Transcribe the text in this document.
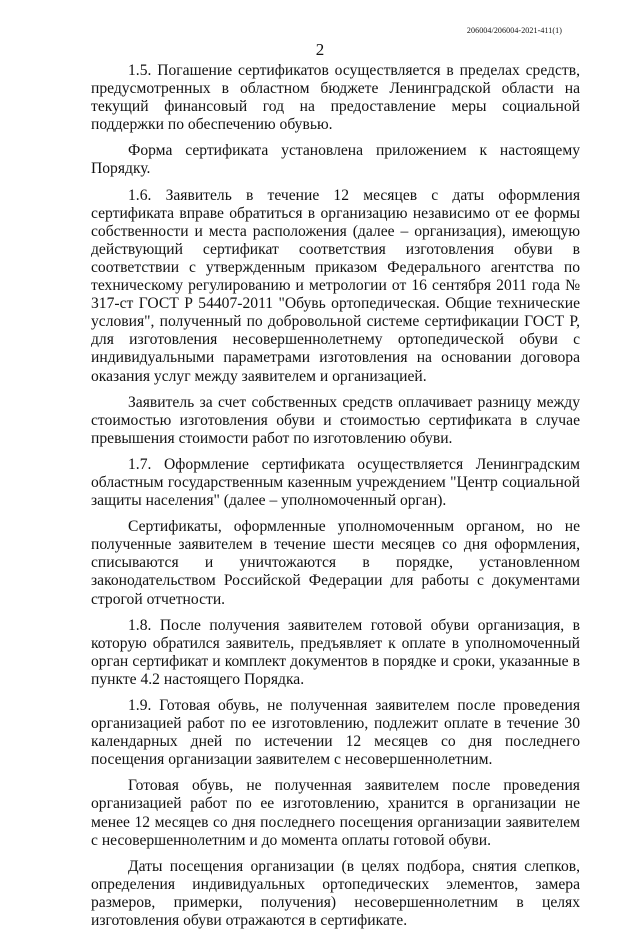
206004/206004-2021-411(1)
2

1.5. Погашение сертификатов осуществляется в пределах средств, предусмотренных в областном бюджете Ленинградской области на текущий финансовый год на предоставление меры социальной поддержки по обеспечению обувью.

Форма сертификата установлена приложением к настоящему Порядку.

1.6. Заявитель в течение 12 месяцев с даты оформления сертификата вправе обратиться в организацию независимо от ее формы собственности и места расположения (далее – организация), имеющую действующий сертификат соответствия изготовления обуви в соответствии с утвержденным приказом Федерального агентства по техническому регулированию и метрологии от 16 сентября 2011 года № 317-ст ГОСТ Р 54407-2011 "Обувь ортопедическая. Общие технические условия", полученный по добровольной системе сертификации ГОСТ Р, для изготовления несовершеннолетнему ортопедической обуви с индивидуальными параметрами изготовления на основании договора оказания услуг между заявителем и организацией.

Заявитель за счет собственных средств оплачивает разницу между стоимостью изготовления обуви и стоимостью сертификата в случае превышения стоимости работ по изготовлению обуви.

1.7. Оформление сертификата осуществляется Ленинградским областным государственным казенным учреждением "Центр социальной защиты населения" (далее – уполномоченный орган).

Сертификаты, оформленные уполномоченным органом, но не полученные заявителем в течение шести месяцев со дня оформления, списываются и уничтожаются в порядке, установленном законодательством Российской Федерации для работы с документами строгой отчетности.

1.8. После получения заявителем готовой обуви организация, в которую обратился заявитель, предъявляет к оплате в уполномоченный орган сертификат и комплект документов в порядке и сроки, указанные в пункте 4.2 настоящего Порядка.

1.9. Готовая обувь, не полученная заявителем после проведения организацией работ по ее изготовлению, подлежит оплате в течение 30 календарных дней по истечении 12 месяцев со дня последнего посещения организации заявителем с несовершеннолетним.

Готовая обувь, не полученная заявителем после проведения организацией работ по ее изготовлению, хранится в организации не менее 12 месяцев со дня последнего посещения организации заявителем с несовершеннолетним и до момента оплаты готовой обуви.

Даты посещения организации (в целях подбора, снятия слепков, определения индивидуальных ортопедических элементов, замера размеров, примерки, получения) несовершеннолетним в целях изготовления обуви отражаются в сертификате.
